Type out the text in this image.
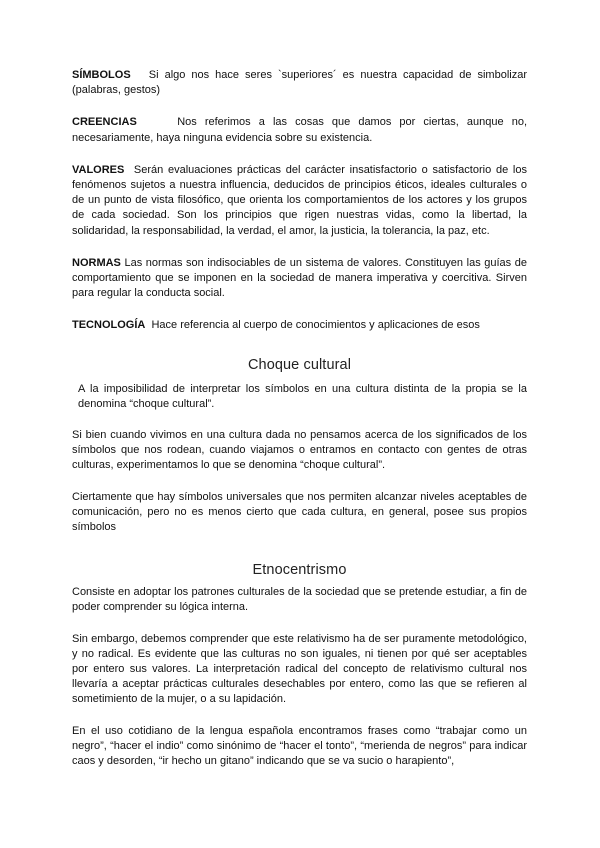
SÍMBOLOS Si algo nos hace seres `superiores´ es nuestra capacidad de simbolizar (palabras, gestos)

CREENCIAS	Nos referimos a las cosas que damos por ciertas, aunque no, necesariamente, haya ninguna evidencia sobre su existencia.

VALORES Serán evaluaciones prácticas del carácter insatisfactorio o satisfactorio de los fenómenos sujetos a nuestra influencia, deducidos de principios éticos, ideales culturales o de un punto de vista filosófico, que orienta los comportamientos de los actores y los grupos de cada sociedad. Son los principios que rigen nuestras vidas, como la libertad, la solidaridad, la responsabilidad, la verdad, el amor, la justicia, la tolerancia, la paz, etc.

NORMAS Las normas son indisociables de un sistema de valores. Constituyen las guías de comportamiento que se imponen en la sociedad de manera imperativa y coercitiva. Sirven para regular la conducta social.

TECNOLOGÍA Hace referencia al cuerpo de conocimientos y aplicaciones de esos

Choque cultural

A la imposibilidad de interpretar los símbolos en una cultura distinta de la propia se la denomina “choque cultural”.

Si bien cuando vivimos en una cultura dada no pensamos acerca de los significados de los símbolos que nos rodean, cuando viajamos o entramos en contacto con gentes de otras culturas, experimentamos lo que se denomina “choque cultural”.

Ciertamente que hay símbolos universales que nos permiten alcanzar niveles aceptables de comunicación, pero no es menos cierto que cada cultura, en general, posee sus propios símbolos

Etnocentrismo

Consiste en adoptar los patrones culturales de la sociedad que se pretende estudiar, a fin de poder comprender su lógica interna.

Sin embargo, debemos comprender que este relativismo ha de ser puramente metodológico, y no radical. Es evidente que las culturas no son iguales, ni tienen por qué ser aceptables por entero sus valores. La interpretación radical del concepto de relativismo cultural nos llevaría a aceptar prácticas culturales desechables por entero, como las que se refieren al sometimiento de la mujer, o a su lapidación.

En el uso cotidiano de la lengua española encontramos frases como “trabajar como un negro”, “hacer el indio” como sinónimo de “hacer el tonto”, “merienda de negros” para indicar caos y desorden, “ir hecho un gitano” indicando que se va sucio o harapiento”,
